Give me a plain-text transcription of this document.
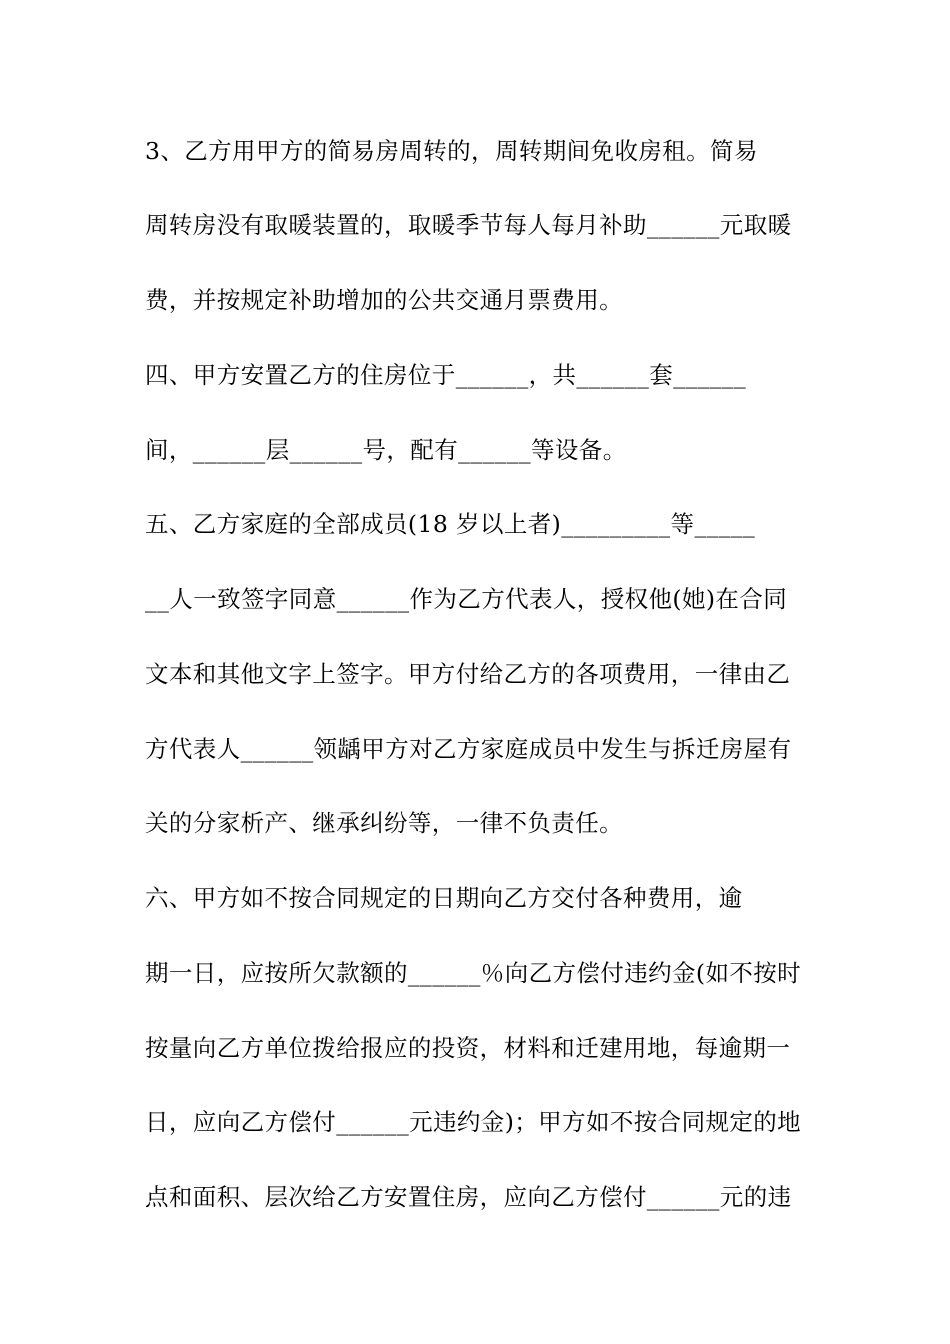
3、乙方用甲方的简易房周转的，周转期间免收房租。简易
周转房没有取暖装置的，取暖季节每人每月补助______元取暖
费，并按规定补助增加的公共交通月票费用。
四、甲方安置乙方的住房位于______，共______套______
间，______层______号，配有______等设备。
五、乙方家庭的全部成员(18 岁以上者)_________等_____
__人一致签字同意______作为乙方代表人，授权他(她)在合同
文本和其他文字上签字。甲方付给乙方的各项费用，一律由乙
方代表人______领龋甲方对乙方家庭成员中发生与拆迁房屋有
关的分家析产、继承纠纷等，一律不负责任。
六、甲方如不按合同规定的日期向乙方交付各种费用，逾
期一日，应按所欠款额的______％向乙方偿付违约金(如不按时
按量向乙方单位拨给报应的投资，材料和迁建用地，每逾期一
日，应向乙方偿付______元违约金)；甲方如不按合同规定的地
点和面积、层次给乙方安置住房，应向乙方偿付______元的违
